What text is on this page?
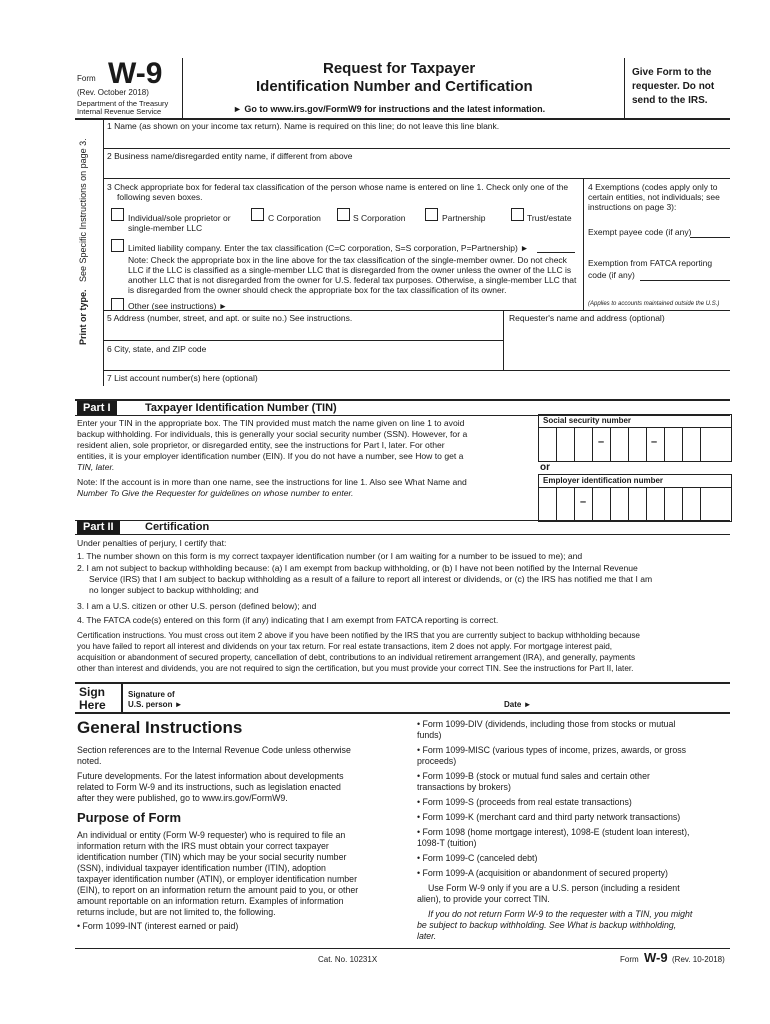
Form W-9
(Rev. October 2018)
Department of the Treasury
Internal Revenue Service
Request for Taxpayer
Identification Number and Certification
► Go to www.irs.gov/FormW9 for instructions and the latest information.
Give Form to the
requester. Do not
send to the IRS.
Print or type.   See Specific Instructions on page 3.
1 Name (as shown on your income tax return). Name is required on this line; do not leave this line blank.
2 Business name/disregarded entity name, if different from above
3 Check appropriate box for federal tax classification of the person whose name is entered on line 1. Check only one of the
following seven boxes.
Individual/sole proprietor or
single-member LLC
C Corporation	S Corporation	Partnership	Trust/estate
Limited liability company. Enter the tax classification (C=C corporation, S=S corporation, P=Partnership) ►
Note: Check the appropriate box in the line above for the tax classification of the single-member owner. Do not check
LLC if the LLC is classified as a single-member LLC that is disregarded from the owner unless the owner of the LLC is
another LLC that is not disregarded from the owner for U.S. federal tax purposes. Otherwise, a single-member LLC that
is disregarded from the owner should check the appropriate box for the tax classification of its owner.
Other (see instructions) ►
4 Exemptions (codes apply only to
certain entities, not individuals; see
instructions on page 3):
Exempt payee code (if any)
Exemption from FATCA reporting
code (if any)
(Applies to accounts maintained outside the U.S.)
5 Address (number, street, and apt. or suite no.) See instructions.	Requester's name and address (optional)
6 City, state, and ZIP code
7 List account number(s) here (optional)
Part I	Taxpayer Identification Number (TIN)
Enter your TIN in the appropriate box. The TIN provided must match the name given on line 1 to avoid
backup withholding. For individuals, this is generally your social security number (SSN). However, for a
resident alien, sole proprietor, or disregarded entity, see the instructions for Part I, later. For other
entities, it is your employer identification number (EIN). If you do not have a number, see How to get a
TIN, later.
Note: If the account is in more than one name, see the instructions for line 1. Also see What Name and
Number To Give the Requester for guidelines on whose number to enter.
Social security number
–	–
or
Employer identification number
–
Part II	Certification
Under penalties of perjury, I certify that:
1. The number shown on this form is my correct taxpayer identification number (or I am waiting for a number to be issued to me); and
2. I am not subject to backup withholding because: (a) I am exempt from backup withholding, or (b) I have not been notified by the Internal Revenue
Service (IRS) that I am subject to backup withholding as a result of a failure to report all interest or dividends, or (c) the IRS has notified me that I am
no longer subject to backup withholding; and
3. I am a U.S. citizen or other U.S. person (defined below); and
4. The FATCA code(s) entered on this form (if any) indicating that I am exempt from FATCA reporting is correct.
Certification instructions. You must cross out item 2 above if you have been notified by the IRS that you are currently subject to backup withholding because
you have failed to report all interest and dividends on your tax return. For real estate transactions, item 2 does not apply. For mortgage interest paid,
acquisition or abandonment of secured property, cancellation of debt, contributions to an individual retirement arrangement (IRA), and generally, payments
other than interest and dividends, you are not required to sign the certification, but you must provide your correct TIN. See the instructions for Part II, later.
Sign
Here
Signature of
U.S. person ►	Date ►
General Instructions
Section references are to the Internal Revenue Code unless otherwise
noted.
Future developments. For the latest information about developments
related to Form W-9 and its instructions, such as legislation enacted
after they were published, go to www.irs.gov/FormW9.
Purpose of Form
An individual or entity (Form W-9 requester) who is required to file an
information return with the IRS must obtain your correct taxpayer
identification number (TIN) which may be your social security number
(SSN), individual taxpayer identification number (ITIN), adoption
taxpayer identification number (ATIN), or employer identification number
(EIN), to report on an information return the amount paid to you, or other
amount reportable on an information return. Examples of information
returns include, but are not limited to, the following.
• Form 1099-INT (interest earned or paid)
• Form 1099-DIV (dividends, including those from stocks or mutual
funds)
• Form 1099-MISC (various types of income, prizes, awards, or gross
proceeds)
• Form 1099-B (stock or mutual fund sales and certain other
transactions by brokers)
• Form 1099-S (proceeds from real estate transactions)
• Form 1099-K (merchant card and third party network transactions)
• Form 1098 (home mortgage interest), 1098-E (student loan interest),
1098-T (tuition)
• Form 1099-C (canceled debt)
• Form 1099-A (acquisition or abandonment of secured property)
Use Form W-9 only if you are a U.S. person (including a resident
alien), to provide your correct TIN.
If you do not return Form W-9 to the requester with a TIN, you might
be subject to backup withholding. See What is backup withholding,
later.
Cat. No. 10231X	Form W-9 (Rev. 10-2018)
